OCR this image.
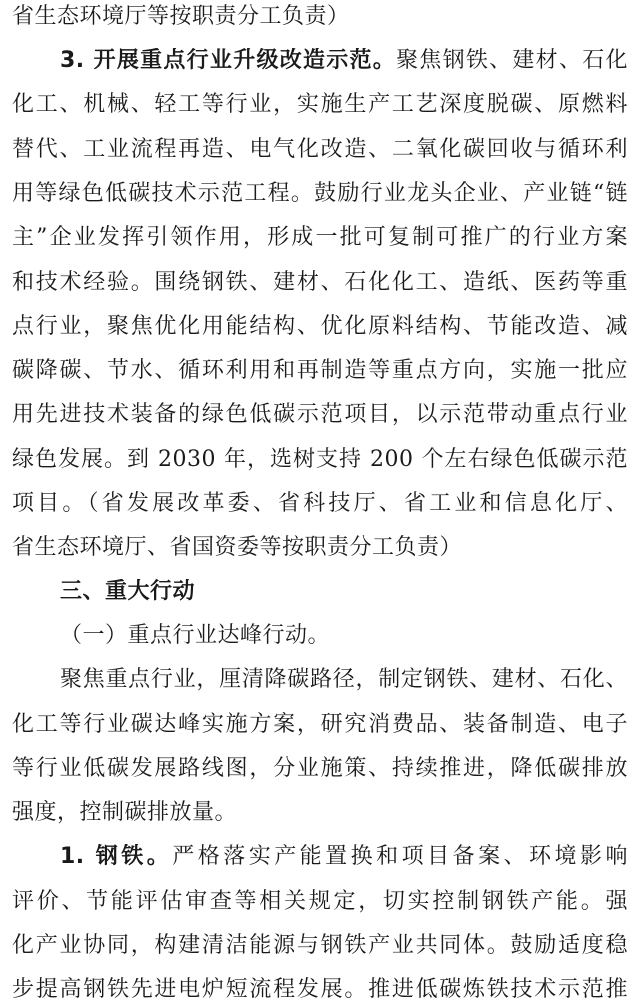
省生态环境厅等按职责分工负责）
3. 开展重点行业升级改造示范。聚焦钢铁、建材、石化
化工、机械、轻工等行业，实施生产工艺深度脱碳、原燃料
替代、工业流程再造、电气化改造、二氧化碳回收与循环利
用等绿色低碳技术示范工程。鼓励行业龙头企业、产业链“链
主”企业发挥引领作用，形成一批可复制可推广的行业方案
和技术经验。围绕钢铁、建材、石化化工、造纸、医药等重
点行业，聚焦优化用能结构、优化原料结构、节能改造、减
碳降碳、节水、循环利用和再制造等重点方向，实施一批应
用先进技术装备的绿色低碳示范项目，以示范带动重点行业
绿色发展。到 2030 年，选树支持 200 个左右绿色低碳示范
项目。（省发展改革委、省科技厅、省工业和信息化厅、
省生态环境厅、省国资委等按职责分工负责）
三、重大行动
（一）重点行业达峰行动。
聚焦重点行业，厘清降碳路径，制定钢铁、建材、石化、
化工等行业碳达峰实施方案，研究消费品、装备制造、电子
等行业低碳发展路线图，分业施策、持续推进，降低碳排放
强度，控制碳排放量。
1. 钢铁。严格落实产能置换和项目备案、环境影响
评价、节能评估审查等相关规定，切实控制钢铁产能。强
化产业协同，构建清洁能源与钢铁产业共同体。鼓励适度稳
步提高钢铁先进电炉短流程发展。推进低碳炼铁技术示范推
